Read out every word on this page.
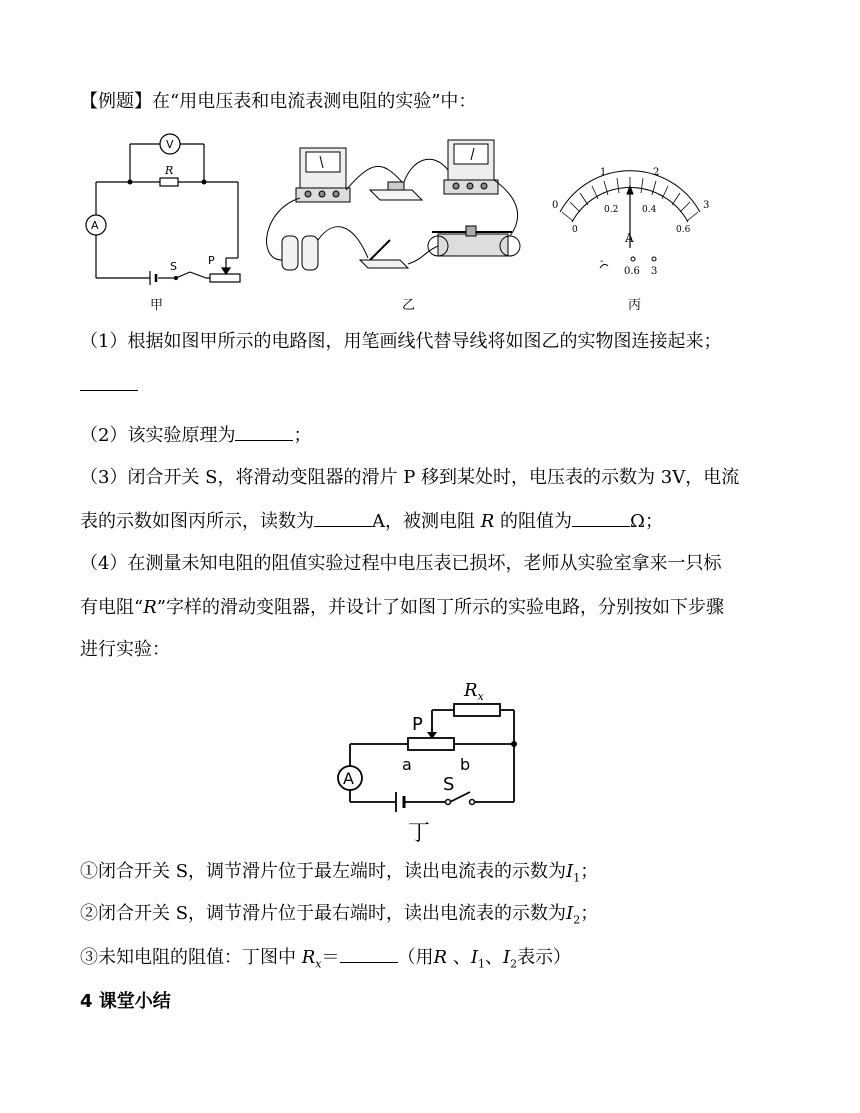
【例题】在“用电压表和电流表测电阻的实验”中：
V
A
R
S	P
甲	乙
0
1	2
3
0
0.2	0.4
0.6
A
-
0.6 3
丙
（1）根据如图甲所示的电路图，用笔画线代替导线将如图乙的实物图连接起来；
（2）该实验原理为	；
（3）闭合开关 S，将滑动变阻器的滑片 P 移到某处时，电压表的示数为 3V，电流
表的示数如图丙所示，读数为	A，被测电阻 R 的阻值为	Ω；
（4）在测量未知电阻的阻值实验过程中电压表已损坏，老师从实验室拿来一只标
有电阻“R”字样的滑动变阻器，并设计了如图丁所示的实验电路，分别按如下步骤
进行实验：
$R_x$
P
a	b
S
A
丁
①闭合开关 S，调节滑片位于最左端时，读出电流表的示数为$I_1$；
②闭合开关 S，调节滑片位于最右端时，读出电流表的示数为$I_2$；
③未知电阻的阻值：丁图中 $R_x=$	（用R 、$I_1$、$I_2$表示）
4 课堂小结
